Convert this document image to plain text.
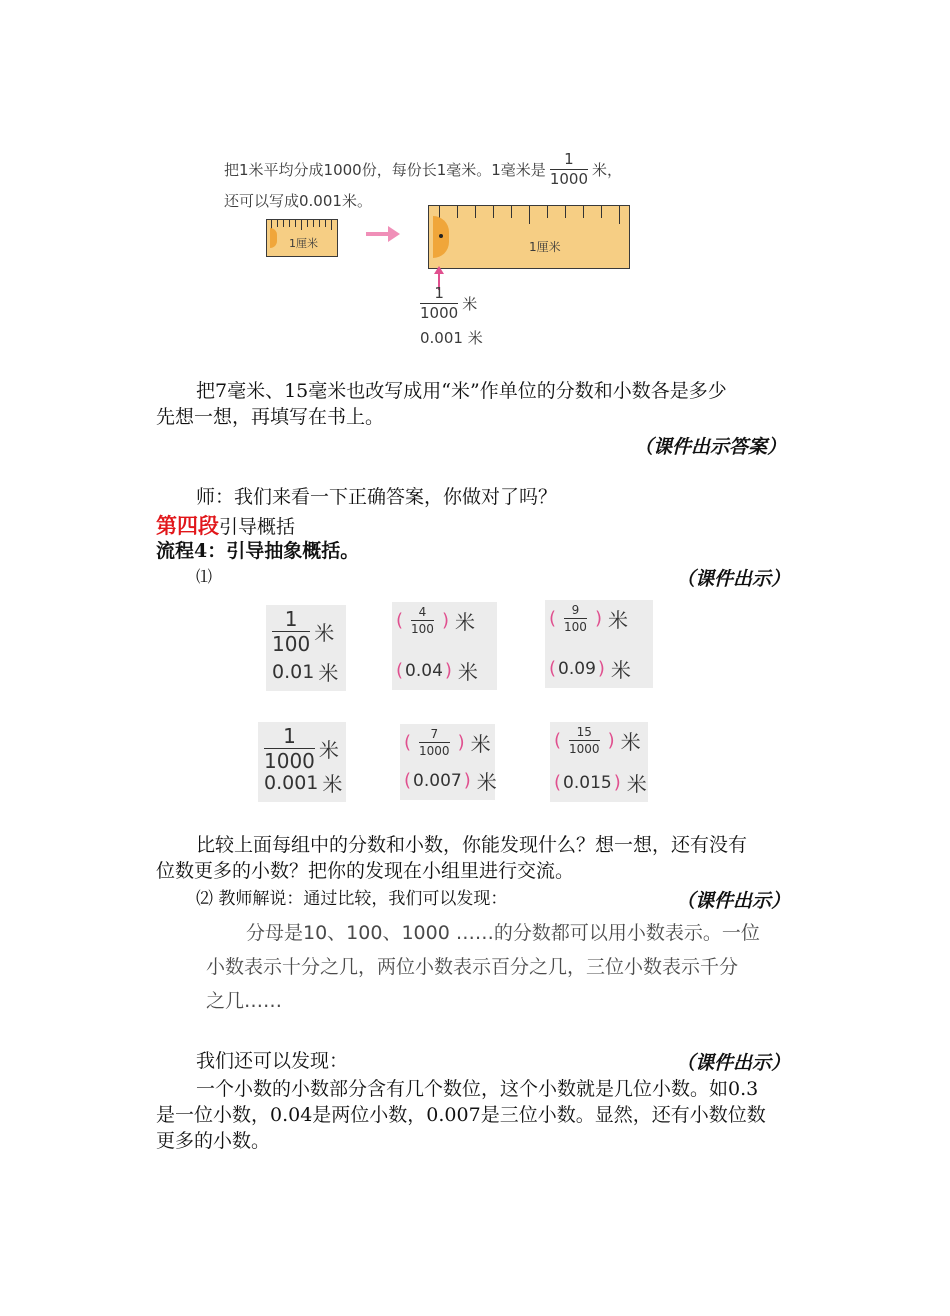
把1米平均分成1000份，每份长1毫米。1毫米是 $\frac{1}{1000}$ 米，
还可以写成0.001米。
1厘米	1厘米
$\frac{1}{1000}$ 米
0.001 米
把7毫米、15毫米也改写成用“米”作单位的分数和小数各是多少
先想一想，再填写在书上。
（课件出示答案）
师：我们来看一下正确答案，你做对了吗？
第四段引导概括
流程4：引导抽象概括。
⑴	（课件出示）
$\frac{1}{100}$ 米
0.01 米
( $\frac{4}{100}$ ) 米
( 0.04 ) 米
( $\frac{9}{100}$ ) 米
( 0.09 ) 米
$\frac{1}{1000}$ 米
0.001 米
( $\frac{7}{1000}$ ) 米
( 0.007 ) 米
( $\frac{15}{1000}$ ) 米
( 0.015 ) 米
比较上面每组中的分数和小数，你能发现什么？想一想，还有没有
位数更多的小数？把你的发现在小组里进行交流。
⑵ 教师解说：通过比较，我们可以发现：	（课件出示）
分母是10、100、1000 ……的分数都可以用小数表示。一位
小数表示十分之几，两位小数表示百分之几，三位小数表示千分
之几……
我们还可以发现：	（课件出示）
一个小数的小数部分含有几个数位，这个小数就是几位小数。如0.3
是一位小数，0.04是两位小数，0.007是三位小数。显然，还有小数位数
更多的小数。
